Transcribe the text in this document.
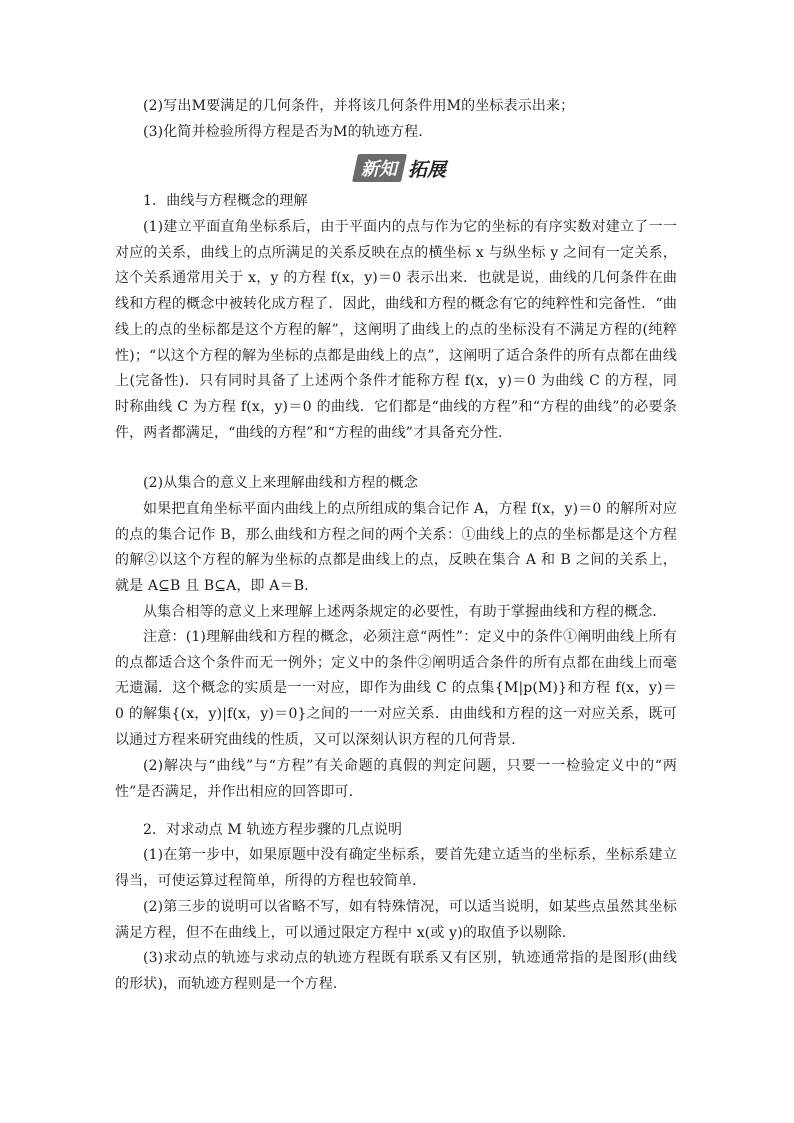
(2)写出M要满足的几何条件，并将该几何条件用M的坐标表示出来；
(3)化简并检验所得方程是否为M的轨迹方程．
新知 拓展
1．曲线与方程概念的理解
(1)建立平面直角坐标系后，由于平面内的点与作为它的坐标的有序实数对建立了一一对应的关系，曲线上的点所满足的关系反映在点的横坐标 x 与纵坐标 y 之间有一定关系，这个关系通常用关于 x，y 的方程 f(x，y)＝0 表示出来．也就是说，曲线的几何条件在曲线和方程的概念中被转化成方程了．因此，曲线和方程的概念有它的纯粹性和完备性．“曲线上的点的坐标都是这个方程的解”，这阐明了曲线上的点的坐标没有不满足方程的(纯粹性)；“以这个方程的解为坐标的点都是曲线上的点”，这阐明了适合条件的所有点都在曲线上(完备性)．只有同时具备了上述两个条件才能称方程 f(x，y)＝0 为曲线 C 的方程，同时称曲线 C 为方程 f(x，y)＝0 的曲线．它们都是“曲线的方程”和“方程的曲线”的必要条件，两者都满足，“曲线的方程”和“方程的曲线”才具备充分性．
(2)从集合的意义上来理解曲线和方程的概念
如果把直角坐标平面内曲线上的点所组成的集合记作 A，方程 f(x，y)＝0 的解所对应的点的集合记作 B，那么曲线和方程之间的两个关系：①曲线上的点的坐标都是这个方程的解②以这个方程的解为坐标的点都是曲线上的点，反映在集合 A 和 B 之间的关系上，就是 A⊆B 且 B⊆A，即 A＝B.
从集合相等的意义上来理解上述两条规定的必要性，有助于掌握曲线和方程的概念．
注意：(1)理解曲线和方程的概念，必须注意“两性”：定义中的条件①阐明曲线上所有的点都适合这个条件而无一例外；定义中的条件②阐明适合条件的所有点都在曲线上而毫无遗漏．这个概念的实质是一一对应，即作为曲线 C 的点集{M|p(M)}和方程 f(x，y)＝0 的解集{(x，y)|f(x，y)＝0}之间的一一对应关系．由曲线和方程的这一对应关系，既可以通过方程来研究曲线的性质，又可以深刻认识方程的几何背景．
(2)解决与“曲线”与“方程”有关命题的真假的判定问题，只要一一检验定义中的“两性”是否满足，并作出相应的回答即可．
2．对求动点 M 轨迹方程步骤的几点说明
(1)在第一步中，如果原题中没有确定坐标系，要首先建立适当的坐标系，坐标系建立得当，可使运算过程简单，所得的方程也较简单．
(2)第三步的说明可以省略不写，如有特殊情况，可以适当说明，如某些点虽然其坐标满足方程，但不在曲线上，可以通过限定方程中 x(或 y)的取值予以剔除．
(3)求动点的轨迹与求动点的轨迹方程既有联系又有区别，轨迹通常指的是图形(曲线的形状)，而轨迹方程则是一个方程．
